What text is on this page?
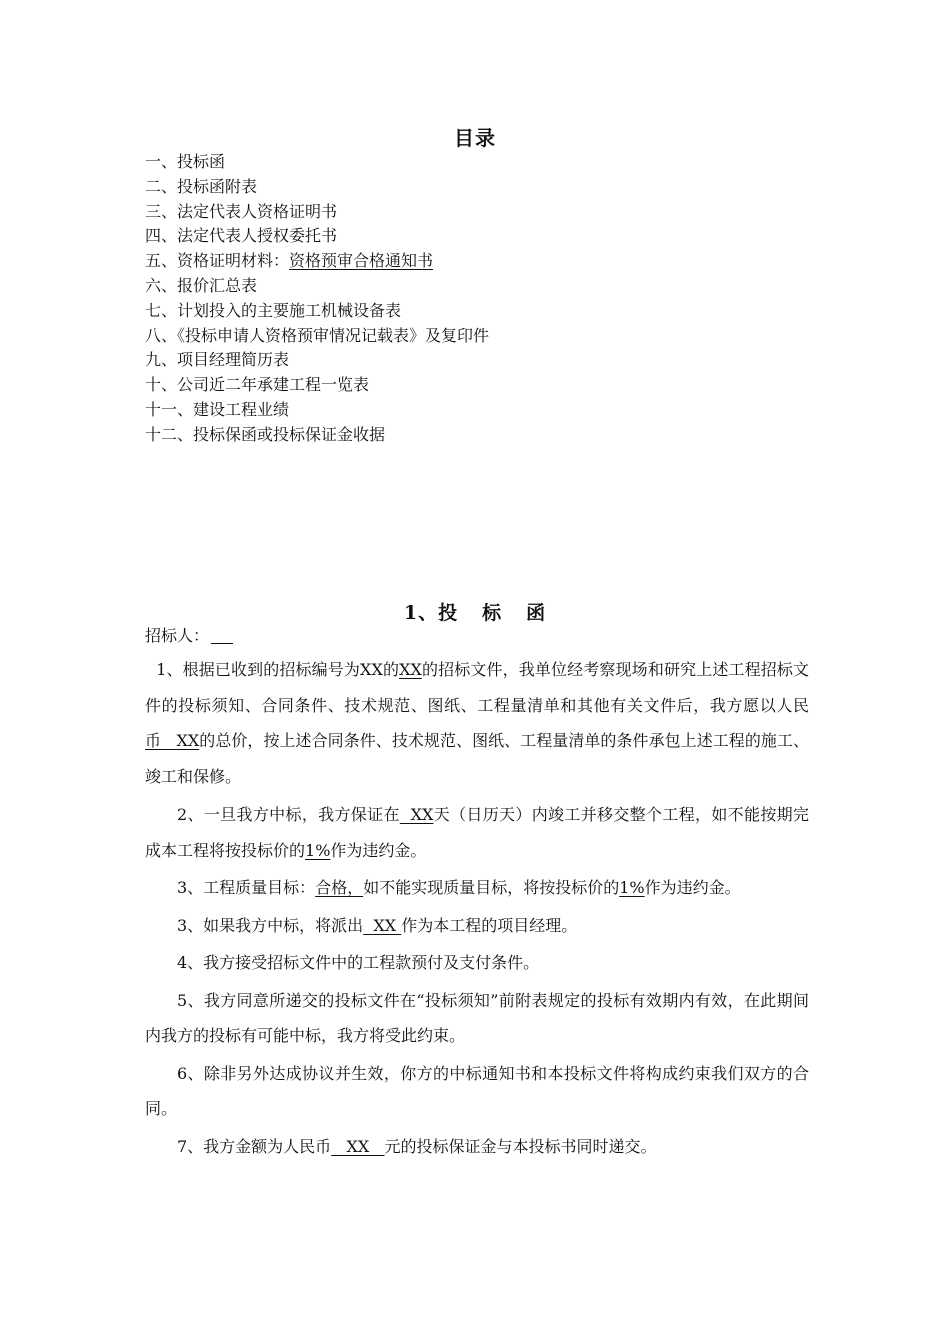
目录
一、投标函
二、投标函附表
三、法定代表人资格证明书
四、法定代表人授权委托书
五、资格证明材料：资格预审合格通知书
六、报价汇总表
七、计划投入的主要施工机械设备表
八、《投标申请人资格预审情况记载表》及复印件
九、项目经理简历表
十、公司近二年承建工程一览表
十一、建设工程业绩
十二、投标保函或投标保证金收据
1、投 标 函
招标人：

1、根据已收到的招标编号为XX的XX的招标文件，我单位经考察现场和研究上述工程招标文件的投标须知、合同条件、技术规范、图纸、工程量清单和其他有关文件后，我方愿以人民币   XX的总价，按上述合同条件、技术规范、图纸、工程量清单的条件承包上述工程的施工、竣工和保修。

2、一旦我方中标，我方保证在  XX天（日历天）内竣工并移交整个工程，如不能按期完成本工程将按投标价的1%作为违约金。

3、工程质量目标：合格，如不能实现质量目标，将按投标价的1%作为违约金。

3、如果我方中标，将派出  XX 作为本工程的项目经理。

4、我方接受招标文件中的工程款预付及支付条件。

5、我方同意所递交的投标文件在“投标须知”前附表规定的投标有效期内有效，在此期间内我方的投标有可能中标，我方将受此约束。

6、除非另外达成协议并生效，你方的中标通知书和本投标文件将构成约束我们双方的合同。

7、我方金额为人民币   XX   元的投标保证金与本投标书同时递交。
